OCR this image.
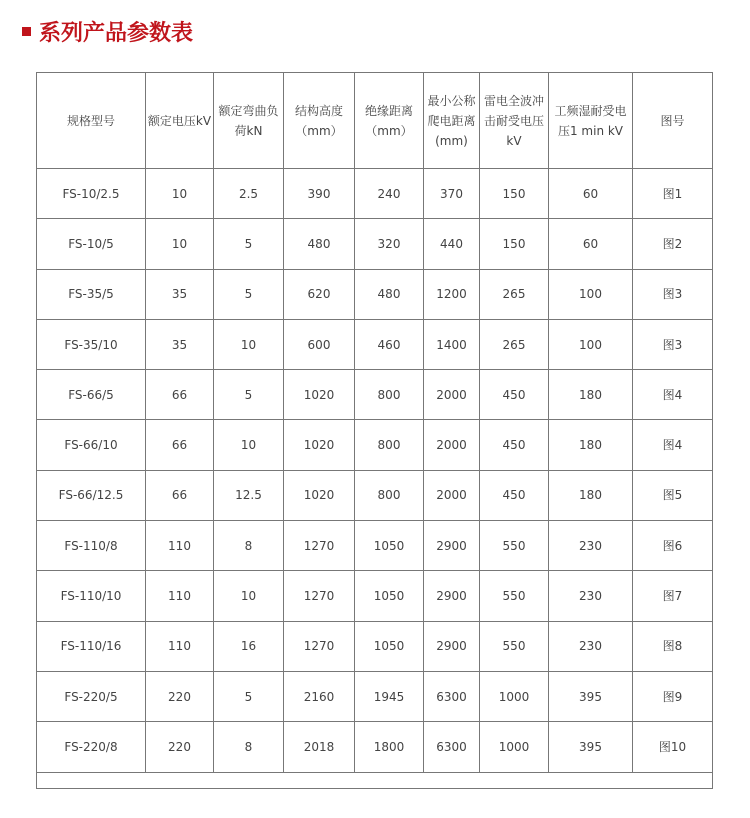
系列产品参数表
规格型号	额定电压kV	额定弯曲负荷kN	结构高度（mm）	绝缘距离（mm）	最小公称爬电距离(mm)	雷电全波冲击耐受电压kV	工频湿耐受电压1 min kV	图号
FS-10/2.5	10	2.5	390	240	370	150	60	图1
FS-10/5	10	5	480	320	440	150	60	图2
FS-35/5	35	5	620	480	1200	265	100	图3
FS-35/10	35	10	600	460	1400	265	100	图3
FS-66/5	66	5	1020	800	2000	450	180	图4
FS-66/10	66	10	1020	800	2000	450	180	图4
FS-66/12.5	66	12.5	1020	800	2000	450	180	图5
FS-110/8	110	8	1270	1050	2900	550	230	图6
FS-110/10	110	10	1270	1050	2900	550	230	图7
FS-110/16	110	16	1270	1050	2900	550	230	图8
FS-220/5	220	5	2160	1945	6300	1000	395	图9
FS-220/8	220	8	2018	1800	6300	1000	395	图10
